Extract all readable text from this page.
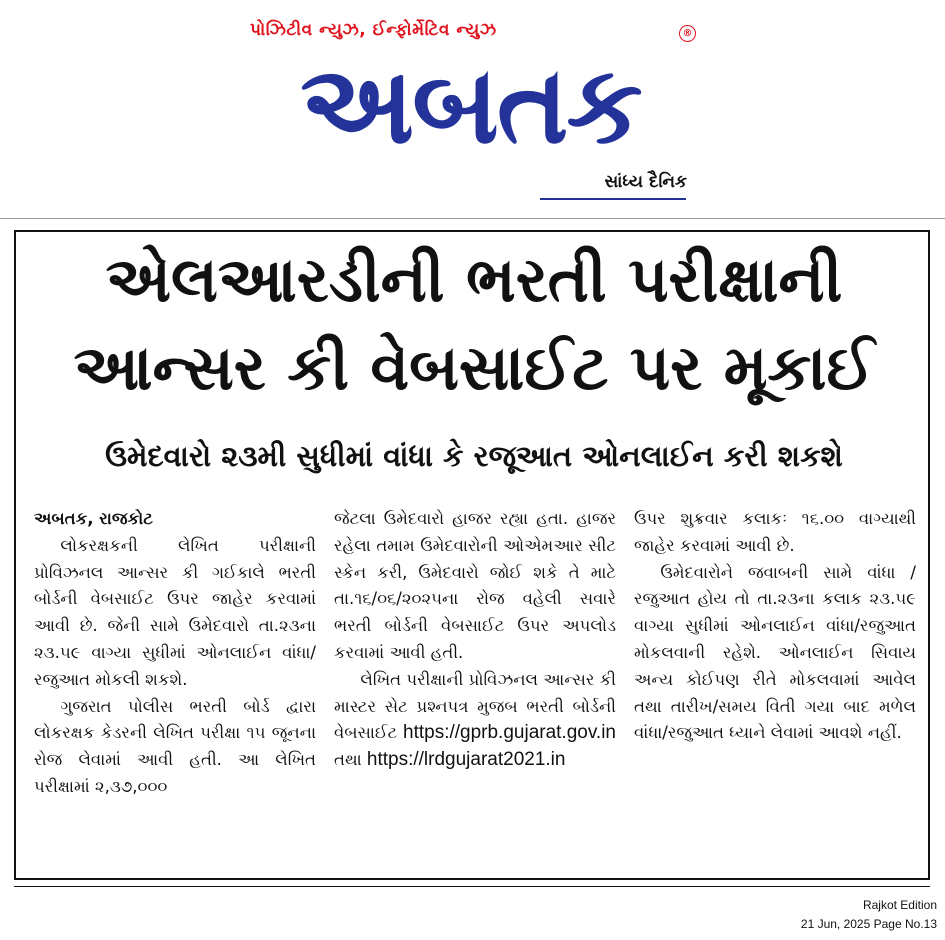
પોઝિટીવ ન્યુઝ, ઈન્ફોર્મેટિવ ન્યુઝ	®
અબતક
સાંધ્ય દૈનિક
એલઆરડીની ભરતી પરીક્ષાની
આન્સર કી વેબસાઈટ પર મૂકાઈ
ઉમેદવારો ૨૩મી સુધીમાં વાંધા કે રજૂઆત ઓનલાઈન કરી શકશે

અબતક, રાજકોટ

લોકરક્ષકની લેખિત પરીક્ષાની પ્રોવિઝનલ આન્સર કી ગઈકાલે ભરતી બોર્ડની વેબસાઈટ ઉપર જાહેર કરવામાં આવી છે. જેની સામે ઉમેદવારો તા.૨૩ના ૨૩.૫૯ વાગ્યા સુધીમાં ઓનલાઈન વાંધા/રજુઆત મોકલી શકશે.

ગુજરાત પોલીસ ભરતી બોર્ડ દ્વારા લોકરક્ષક કેડરની લેખિત પરીક્ષા ૧૫ જૂનના રોજ લેવામાં આવી હતી. આ લેખિત પરીક્ષામાં ૨,૩૭,૦૦૦

જેટલા ઉમેદવારો હાજર રહ્યા હતા. હાજર રહેલા તમામ ઉમેદવારોની ઓએમઆર સીટ સ્કેન કરી, ઉમેદવારો જોઈ શકે તે માટે તા.૧૬/૦૬/૨૦૨૫ના રોજ વહેલી સવારે ભરતી બોર્ડની વેબસાઈટ ઉપર અપલોડ કરવામાં આવી હતી.

લેખિત પરીક્ષાની પ્રોવિઝનલ આન્સર કી માસ્ટર સેટ પ્રશ્નપત્ર મુજબ ભરતી બોર્ડની વેબસાઈટ https://gprb.gujarat.gov.in તથા https://lrdgujarat2021.in

ઉપર શુક્રવાર કલાકઃ ૧૬.૦૦ વાગ્યાથી જાહેર કરવામાં આવી છે.

ઉમેદવારોને જવાબની સામે વાંધા / રજુઆત હોય તો તા.૨૩ના કલાક ૨૩.૫૯ વાગ્યા સુધીમાં ઓનલાઈન વાંધા/રજુઆત મોકલવાની રહેશે. ઓનલાઈન સિવાય અન્ય કોઈપણ રીતે મોકલવામાં આવેલ તથા તારીખ/સમય વિતી ગયા બાદ મળેલ વાંધા/રજુઆત ધ્યાને લેવામાં આવશે નહીં.

Rajkot Edition
21 Jun, 2025 Page No.13
